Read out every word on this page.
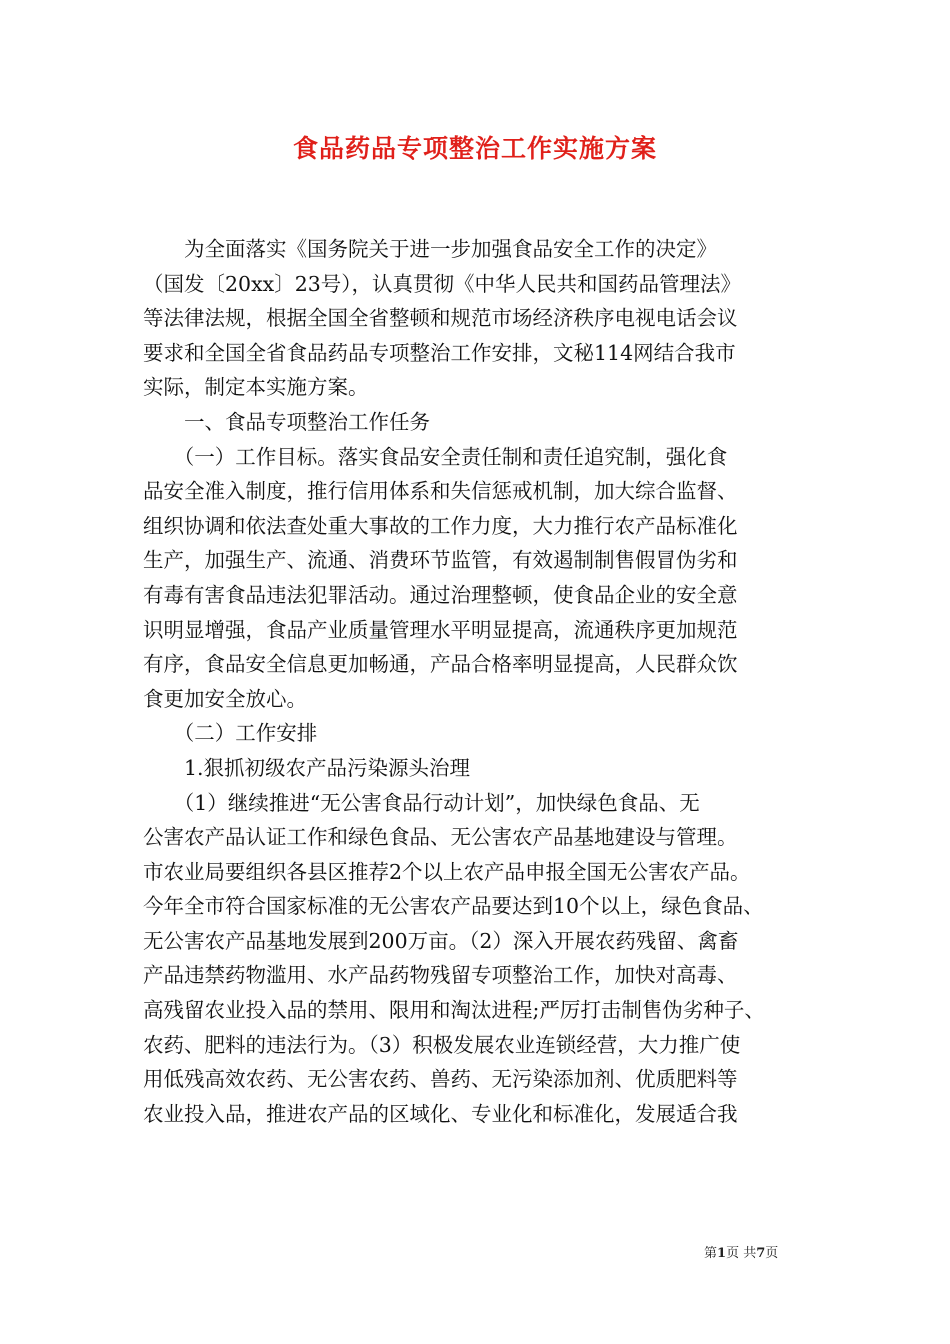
食品药品专项整治工作实施方案
　　为全面落实《国务院关于进一步加强食品安全工作的决定》
（国发〔20xx〕23号），认真贯彻《中华人民共和国药品管理法》
等法律法规，根据全国全省整顿和规范市场经济秩序电视电话会议
要求和全国全省食品药品专项整治工作安排，文秘114网结合我市
实际，制定本实施方案。
　　一、食品专项整治工作任务
　　（一）工作目标。落实食品安全责任制和责任追究制，强化食
品安全准入制度，推行信用体系和失信惩戒机制，加大综合监督、
组织协调和依法查处重大事故的工作力度，大力推行农产品标准化
生产，加强生产、流通、消费环节监管，有效遏制制售假冒伪劣和
有毒有害食品违法犯罪活动。通过治理整顿，使食品企业的安全意
识明显增强，食品产业质量管理水平明显提高，流通秩序更加规范
有序，食品安全信息更加畅通，产品合格率明显提高，人民群众饮
食更加安全放心。
　　（二）工作安排
　　1.狠抓初级农产品污染源头治理
　　（1）继续推进“无公害食品行动计划”，加快绿色食品、无
公害农产品认证工作和绿色食品、无公害农产品基地建设与管理。
市农业局要组织各县区推荐2个以上农产品申报全国无公害农产品。
今年全市符合国家标准的无公害农产品要达到10个以上，绿色食品、
无公害农产品基地发展到200万亩。（2）深入开展农药残留、禽畜
产品违禁药物滥用、水产品药物残留专项整治工作，加快对高毒、
高残留农业投入品的禁用、限用和淘汰进程;严厉打击制售伪劣种子、
农药、肥料的违法行为。（3）积极发展农业连锁经营，大力推广使
用低残高效农药、无公害农药、兽药、无污染添加剂、优质肥料等
农业投入品，推进农产品的区域化、专业化和标准化，发展适合我
第1页 共7页
